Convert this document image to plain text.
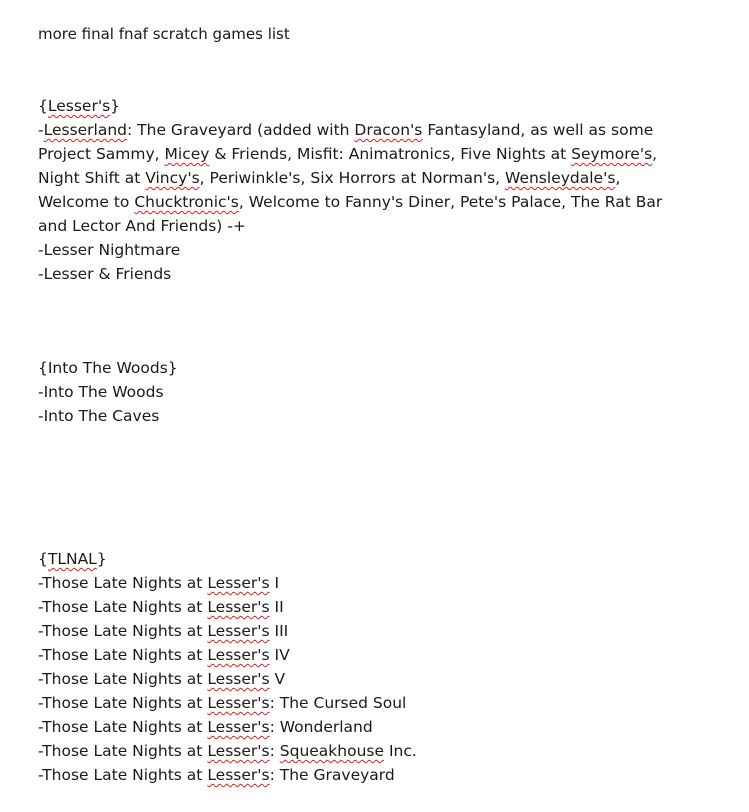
more final fnaf scratch games list
{Lesser's}
-Lesserland: The Graveyard (added with Dracon's Fantasyland, as well as some
Project Sammy, Micey & Friends, Misfit: Animatronics, Five Nights at Seymore's,
Night Shift at Vincy's, Periwinkle's, Six Horrors at Norman's, Wensleydale's,
Welcome to Chucktronic's, Welcome to Fanny's Diner, Pete's Palace, The Rat Bar
and Lector And Friends) -+
-Lesser Nightmare
-Lesser & Friends
{Into The Woods}
-Into The Woods
-Into The Caves
{TLNAL}
-Those Late Nights at Lesser's I
-Those Late Nights at Lesser's II
-Those Late Nights at Lesser's III
-Those Late Nights at Lesser's IV
-Those Late Nights at Lesser's V
-Those Late Nights at Lesser's: The Cursed Soul
-Those Late Nights at Lesser's: Wonderland
-Those Late Nights at Lesser's: Squeakhouse Inc.
-Those Late Nights at Lesser's: The Graveyard
